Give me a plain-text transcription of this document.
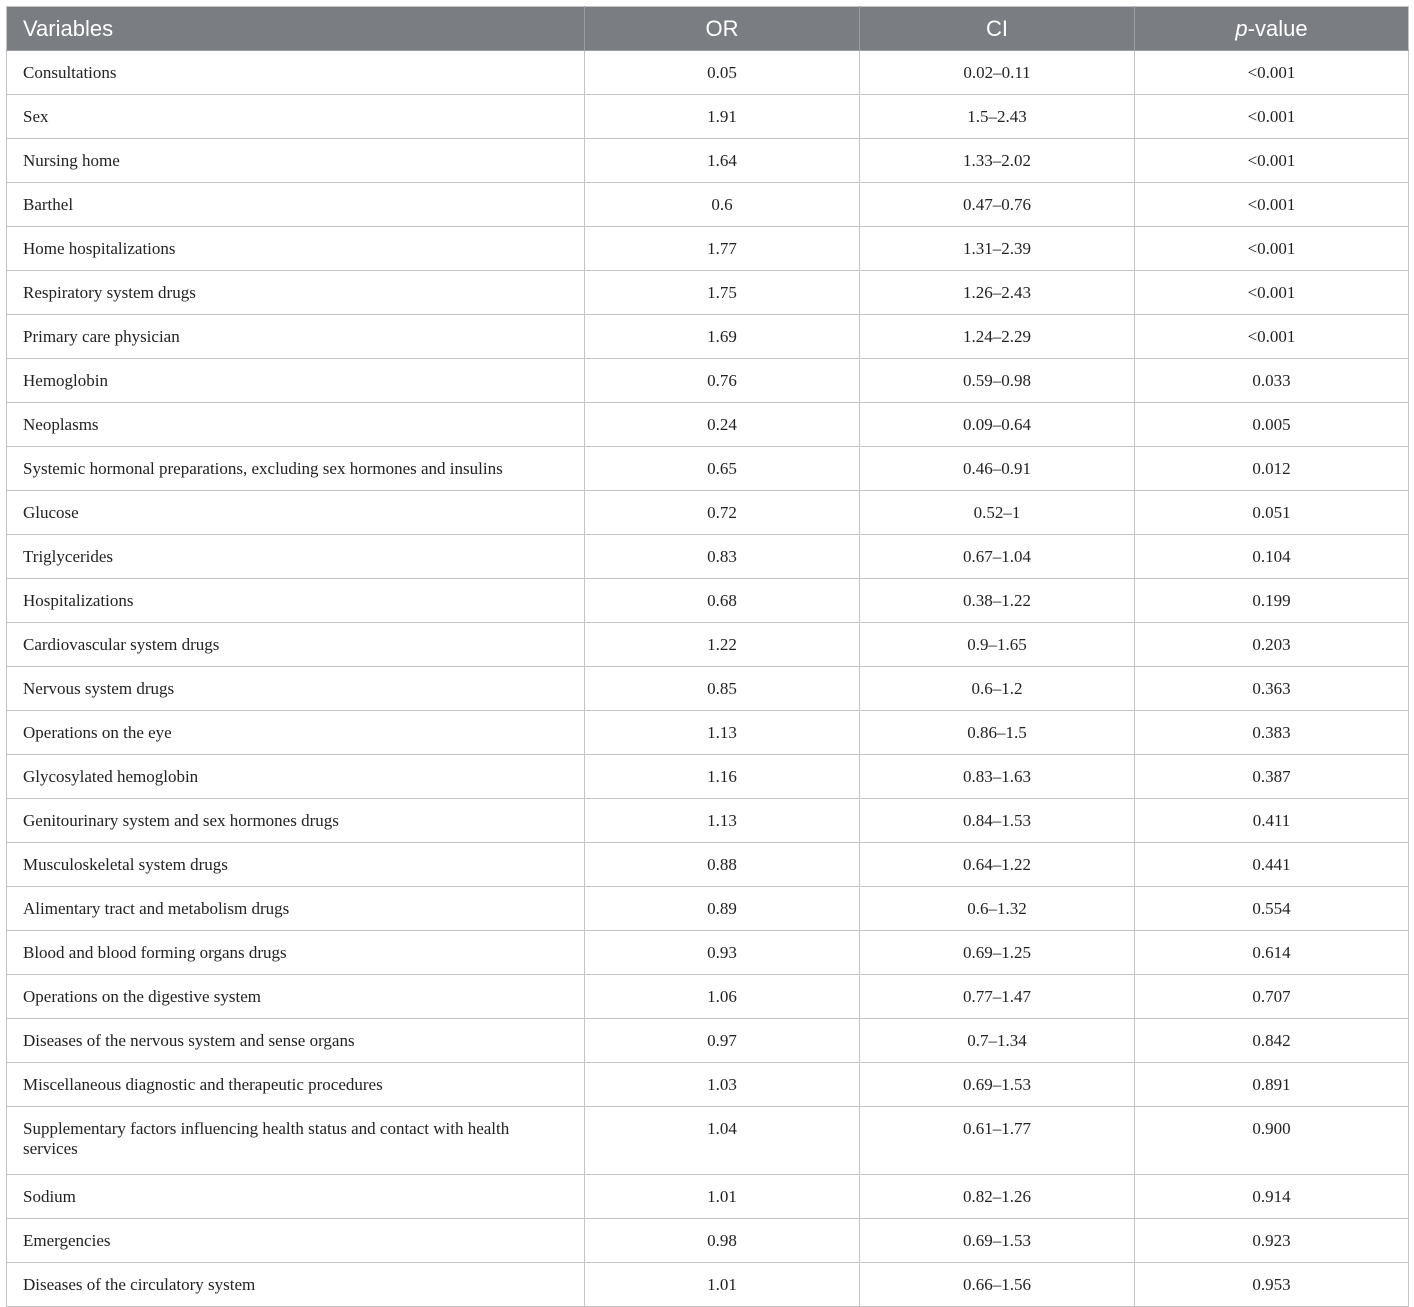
Variables	OR	CI	p-value
Consultations	0.05	0.02–0.11	<0.001
Sex	1.91	1.5–2.43	<0.001
Nursing home	1.64	1.33–2.02	<0.001
Barthel	0.6	0.47–0.76	<0.001
Home hospitalizations	1.77	1.31–2.39	<0.001
Respiratory system drugs	1.75	1.26–2.43	<0.001
Primary care physician	1.69	1.24–2.29	<0.001
Hemoglobin	0.76	0.59–0.98	0.033
Neoplasms	0.24	0.09–0.64	0.005
Systemic hormonal preparations, excluding sex hormones and insulins	0.65	0.46–0.91	0.012
Glucose	0.72	0.52–1	0.051
Triglycerides	0.83	0.67–1.04	0.104
Hospitalizations	0.68	0.38–1.22	0.199
Cardiovascular system drugs	1.22	0.9–1.65	0.203
Nervous system drugs	0.85	0.6–1.2	0.363
Operations on the eye	1.13	0.86–1.5	0.383
Glycosylated hemoglobin	1.16	0.83–1.63	0.387
Genitourinary system and sex hormones drugs	1.13	0.84–1.53	0.411
Musculoskeletal system drugs	0.88	0.64–1.22	0.441
Alimentary tract and metabolism drugs	0.89	0.6–1.32	0.554
Blood and blood forming organs drugs	0.93	0.69–1.25	0.614
Operations on the digestive system	1.06	0.77–1.47	0.707
Diseases of the nervous system and sense organs	0.97	0.7–1.34	0.842
Miscellaneous diagnostic and therapeutic procedures	1.03	0.69–1.53	0.891
Supplementary factors influencing health status and contact with health services	1.04	0.61–1.77	0.900
Sodium	1.01	0.82–1.26	0.914
Emergencies	0.98	0.69–1.53	0.923
Diseases of the circulatory system	1.01	0.66–1.56	0.953
